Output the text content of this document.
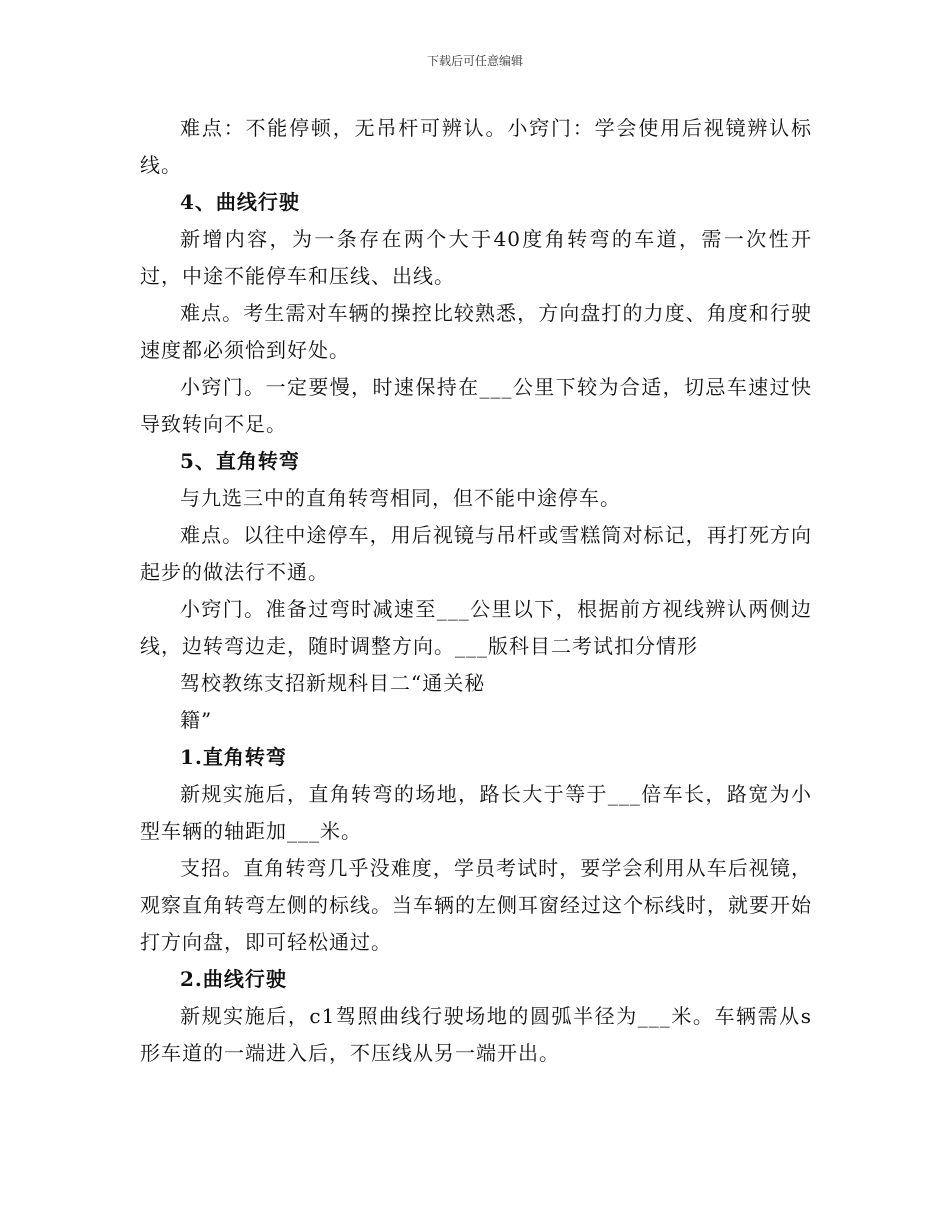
下载后可任意编辑

难点：不能停顿，无吊杆可辨认。小窍门：学会使用后视镜辨认标线。

4、曲线行驶

新增内容，为一条存在两个大于40度角转弯的车道，需一次性开过，中途不能停车和压线、出线。

难点。考生需对车辆的操控比较熟悉，方向盘打的力度、角度和行驶速度都必须恰到好处。

小窍门。一定要慢，时速保持在___公里下较为合适，切忌车速过快导致转向不足。

5、直角转弯

与九选三中的直角转弯相同，但不能中途停车。

难点。以往中途停车，用后视镜与吊杆或雪糕筒对标记，再打死方向起步的做法行不通。

小窍门。准备过弯时减速至___公里以下，根据前方视线辨认两侧边线，边转弯边走，随时调整方向。___版科目二考试扣分情形

驾校教练支招新规科目二“通关秘

籍”

1.直角转弯

新规实施后，直角转弯的场地，路长大于等于___倍车长，路宽为小型车辆的轴距加___米。

支招。直角转弯几乎没难度，学员考试时，要学会利用从车后视镜，观察直角转弯左侧的标线。当车辆的左侧耳窗经过这个标线时，就要开始打方向盘，即可轻松通过。

2.曲线行驶

新规实施后，c1驾照曲线行驶场地的圆弧半径为___米。车辆需从s形车道的一端进入后，不压线从另一端开出。
